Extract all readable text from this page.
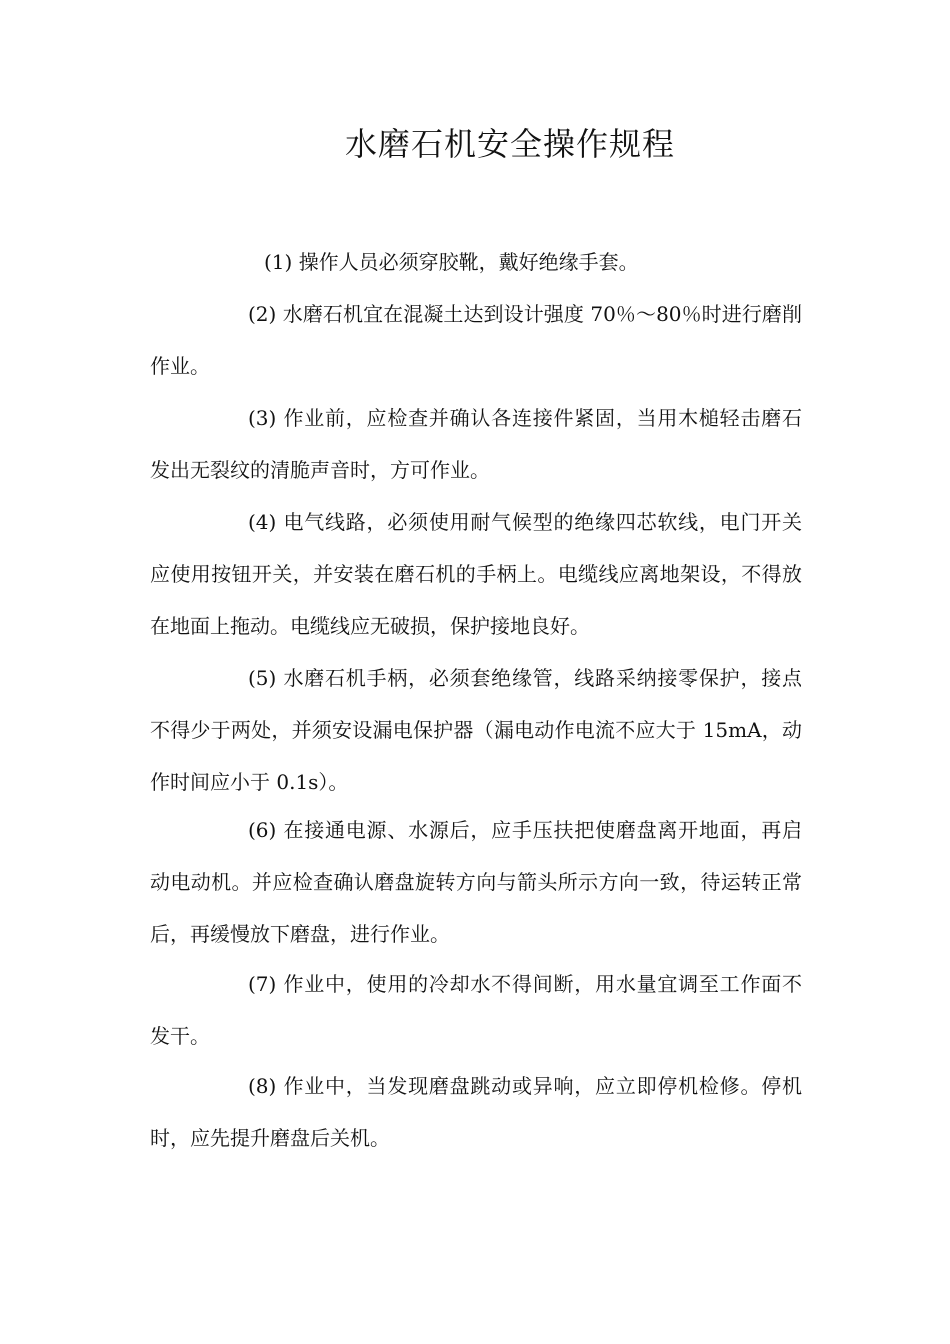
水磨石机安全操作规程

(1) 操作人员必须穿胶靴，戴好绝缘手套。

(2) 水磨石机宜在混凝土达到设计强度 70％～80％时进行磨削作业。

(3) 作业前，应检查并确认各连接件紧固，当用木槌轻击磨石发出无裂纹的清脆声音时，方可作业。

(4) 电气线路，必须使用耐气候型的绝缘四芯软线，电门开关应使用按钮开关，并安装在磨石机的手柄上。电缆线应离地架设，不得放在地面上拖动。电缆线应无破损，保护接地良好。

(5) 水磨石机手柄，必须套绝缘管，线路采纳接零保护，接点不得少于两处，并须安设漏电保护器（漏电动作电流不应大于 15mA，动作时间应小于 0.1s）。

(6) 在接通电源、水源后，应手压扶把使磨盘离开地面，再启动电动机。并应检查确认磨盘旋转方向与箭头所示方向一致，待运转正常后，再缓慢放下磨盘，进行作业。

(7) 作业中，使用的冷却水不得间断，用水量宜调至工作面不发干。

(8) 作业中，当发现磨盘跳动或异响，应立即停机检修。停机时，应先提升磨盘后关机。
